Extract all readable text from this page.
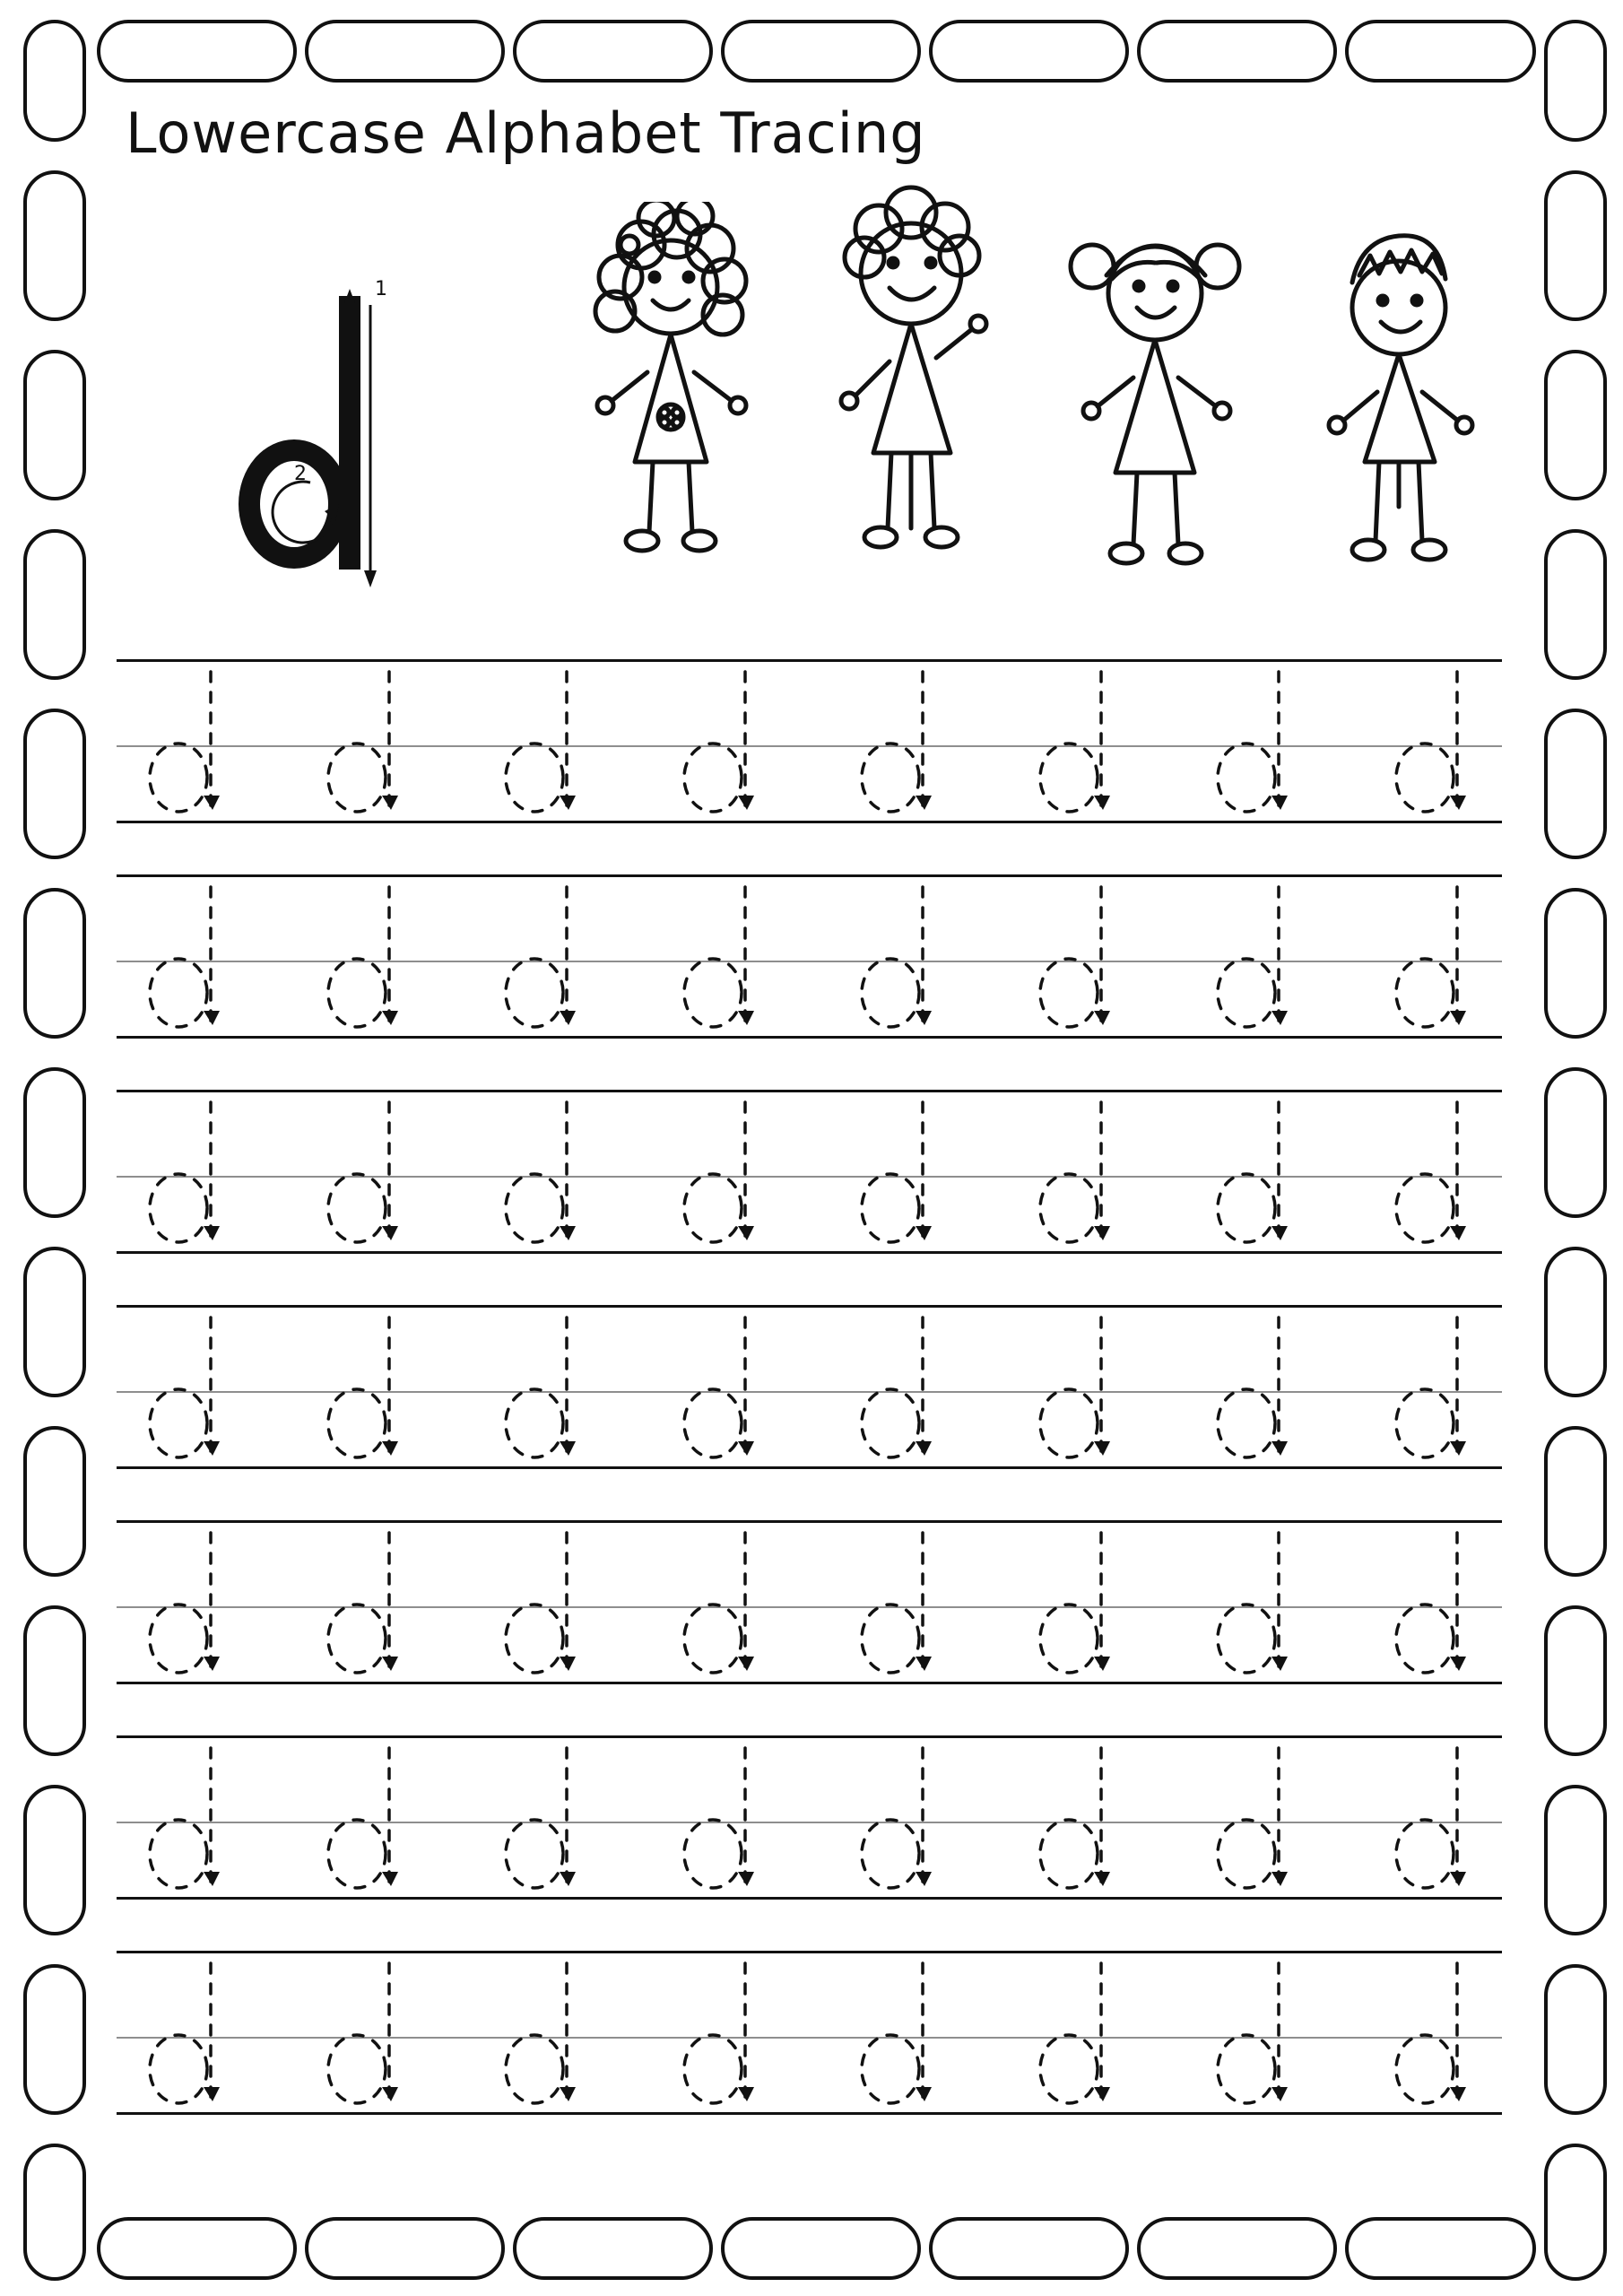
Lowercase Alphabet Tracing
1
2
